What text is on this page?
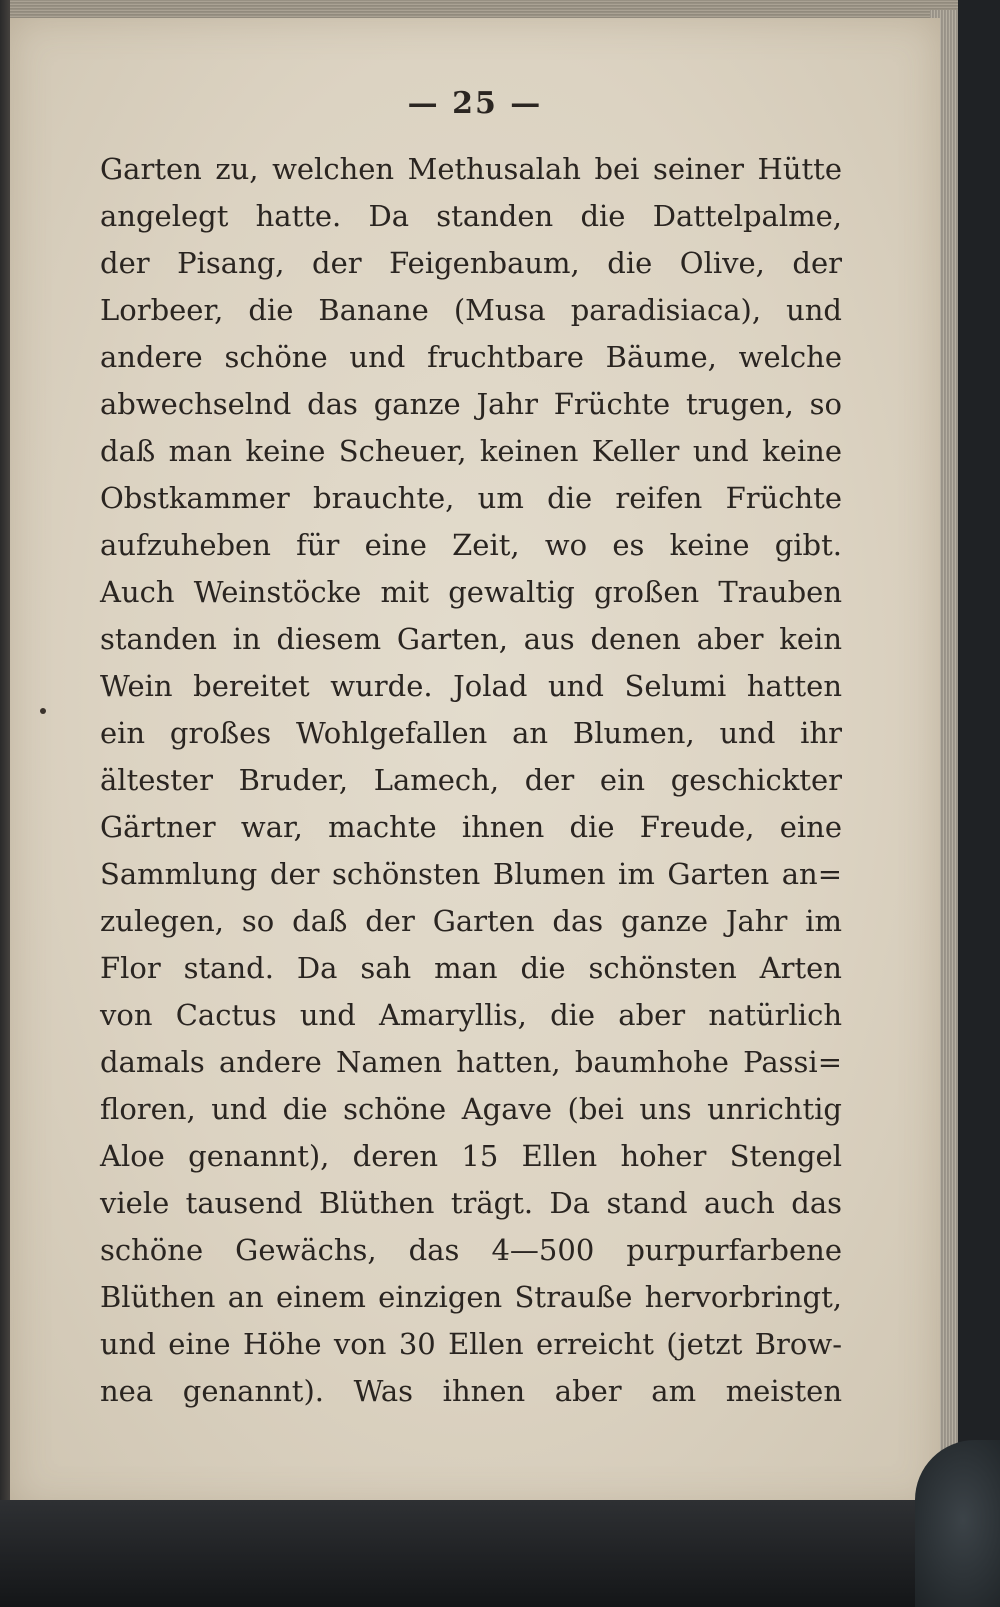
— 25 —
Garten zu, welchen Methusalah bei seiner Hütte
angelegt hatte. Da standen die Dattelpalme,
der Pisang, der Feigenbaum, die Olive, der
Lorbeer, die Banane (Musa paradisiaca), und
andere schöne und fruchtbare Bäume, welche
abwechselnd das ganze Jahr Früchte trugen, so
daß man keine Scheuer, keinen Keller und keine
Obstkammer brauchte, um die reifen Früchte
aufzuheben für eine Zeit, wo es keine gibt.
Auch Weinstöcke mit gewaltig großen Trauben
standen in diesem Garten, aus denen aber kein
Wein bereitet wurde. Jolad und Selumi hatten
ein großes Wohlgefallen an Blumen, und ihr
ältester Bruder, Lamech, der ein geschickter
Gärtner war, machte ihnen die Freude, eine
Sammlung der schönsten Blumen im Garten an=
zulegen, so daß der Garten das ganze Jahr im
Flor stand. Da sah man die schönsten Arten
von Cactus und Amaryllis, die aber natürlich
damals andere Namen hatten, baumhohe Passi=
floren, und die schöne Agave (bei uns unrichtig
Aloe genannt), deren 15 Ellen hoher Stengel
viele tausend Blüthen trägt. Da stand auch das
schöne Gewächs, das 4—500 purpurfarbene
Blüthen an einem einzigen Strauße hervorbringt,
und eine Höhe von 30 Ellen erreicht (jetzt Brow-
nea genannt). Was ihnen aber am meisten
